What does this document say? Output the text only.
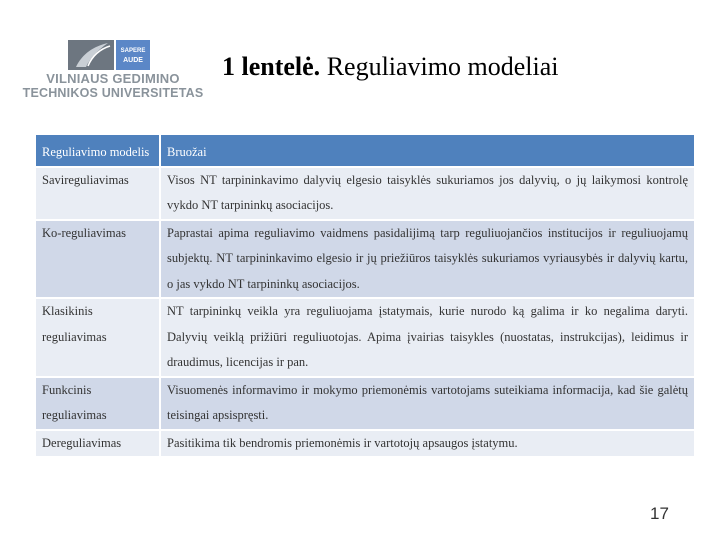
SAPERE
AUDE
VILNIAUS GEDIMINO
TECHNIKOS UNIVERSITETAS
1 lentelė. Reguliavimo modeliai
Reguliavimo modelis	Bruožai
Savireguliavimas	Visos NT tarpininkavimo dalyvių elgesio taisyklės sukuriamos jos dalyvių, o jų laikymosi kontrolę vykdo NT tarpininkų asociacijos.
Ko-reguliavimas	Paprastai apima reguliavimo vaidmens pasidalijimą tarp reguliuojančios institucijos ir reguliuojamų subjektų. NT tarpininkavimo elgesio ir jų priežiūros taisyklės sukuriamos vyriausybės ir dalyvių kartu, o jas vykdo NT tarpininkų asociacijos.
Klasikinis reguliavimas	NT tarpininkų veikla yra reguliuojama įstatymais, kurie nurodo ką galima ir ko negalima daryti. Dalyvių veiklą prižiūri reguliuotojas. Apima įvairias taisykles (nuostatas, instrukcijas), leidimus ir draudimus, licencijas ir pan.
Funkcinis reguliavimas	Visuomenės informavimo ir mokymo priemonėmis vartotojams suteikiama informacija, kad šie galėtų teisingai apsispręsti.
Dereguliavimas	Pasitikima tik bendromis priemonėmis ir vartotojų apsaugos įstatymu.
17
